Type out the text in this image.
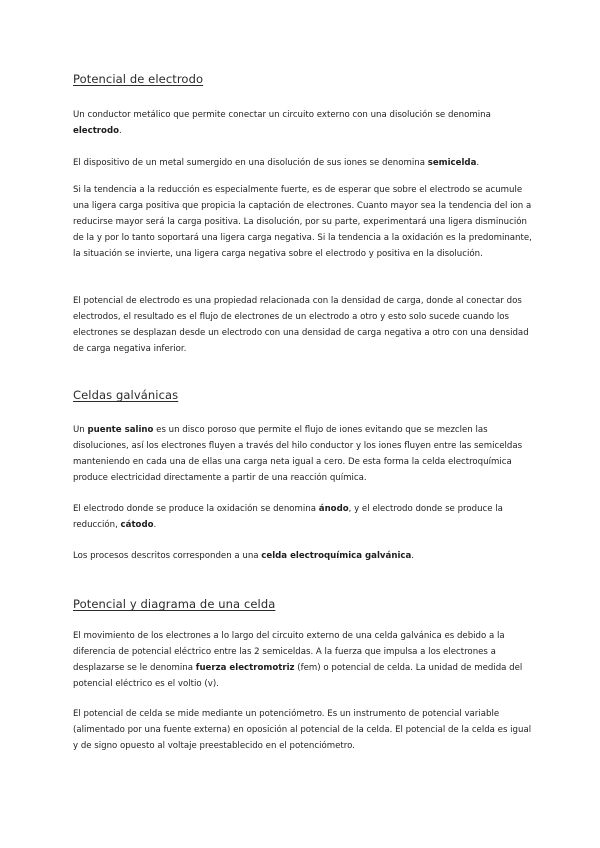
Potencial de electrodo

Un conductor metálico que permite conectar un circuito externo con una disolución se denomina electrodo.

El dispositivo de un metal sumergido en una disolución de sus iones se denomina semicelda.

Si la tendencia a la reducción es especialmente fuerte, es de esperar que sobre el electrodo se acumule una ligera carga positiva que propicia la captación de electrones. Cuanto mayor sea la tendencia del ion a reducirse mayor será la carga positiva. La disolución, por su parte, experimentará una ligera disminución de la y por lo tanto soportará una ligera carga negativa. Si la tendencia a la oxidación es la predominante, la situación se invierte, una ligera carga negativa sobre el electrodo y positiva en la disolución.

El potencial de electrodo es una propiedad relacionada con la densidad de carga, donde al conectar dos electrodos, el resultado es el flujo de electrones de un electrodo a otro y esto solo sucede cuando los electrones se desplazan desde un electrodo con una densidad de carga negativa a otro con una densidad de carga negativa inferior.

Celdas galvánicas

Un puente salino es un disco poroso que permite el flujo de iones evitando que se mezclen las disoluciones, así los electrones fluyen a través del hilo conductor y los iones fluyen entre las semiceldas manteniendo en cada una de ellas una carga neta igual a cero. De esta forma la celda electroquímica produce electricidad directamente a partir de una reacción química.

El electrodo donde se produce la oxidación se denomina ánodo, y el electrodo donde se produce la reducción, cátodo.

Los procesos descritos corresponden a una celda electroquímica galvánica.

Potencial y diagrama de una celda

El movimiento de los electrones a lo largo del circuito externo de una celda galvánica es debido a la diferencia de potencial eléctrico entre las 2 semiceldas. A la fuerza que impulsa a los electrones a desplazarse se le denomina fuerza electromotriz (fem) o potencial de celda. La unidad de medida del potencial eléctrico es el voltio (v).

El potencial de celda se mide mediante un potenciómetro. Es un instrumento de potencial variable (alimentado por una fuente externa) en oposición al potencial de la celda. El potencial de la celda es igual y de signo opuesto al voltaje preestablecido en el potenciómetro.
